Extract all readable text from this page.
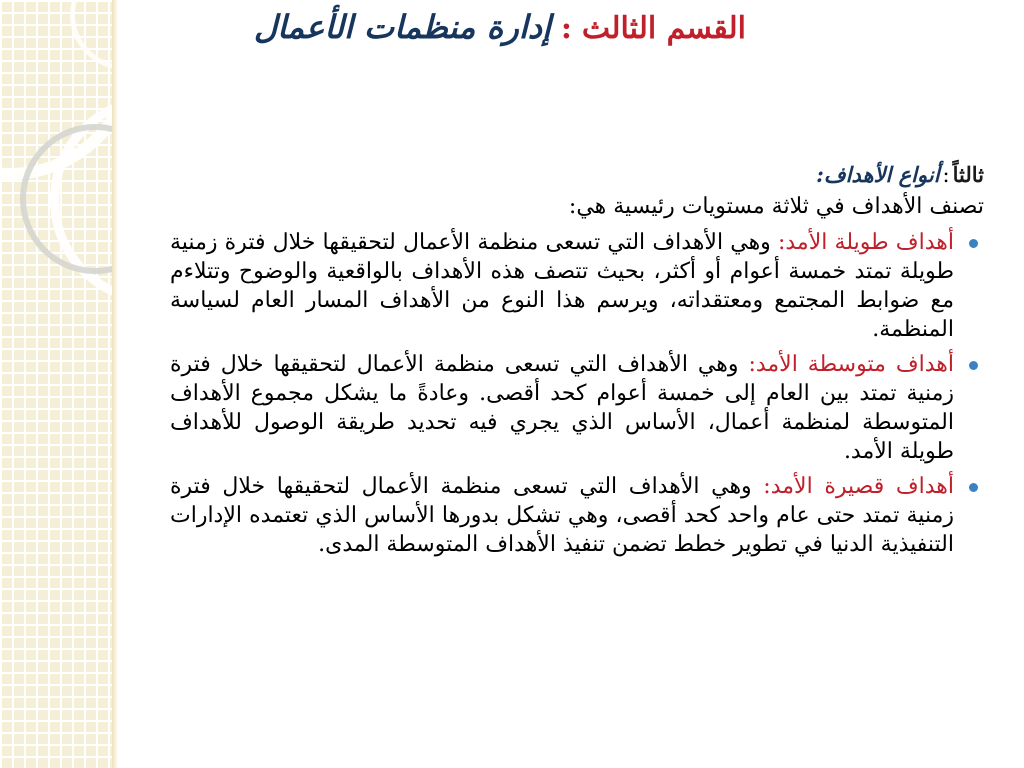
القسم الثالث:إدارة منظمات الأعمال

ثالثاً:أنواع الأهداف:

تصنف الأهداف في ثلاثة مستويات رئيسية هي:

أهداف طويلة الأمد: وهي الأهداف التي تسعى منظمة الأعمال لتحقيقها خلال فترة زمنية طويلة تمتد خمسة أعوام أو أكثر، بحيث تتصف هذه الأهداف بالواقعية والوضوح وتتلاءم مع ضوابط المجتمع ومعتقداته، ويرسم هذا النوع من الأهداف المسار العام لسياسة المنظمة.
أهداف متوسطة الأمد: وهي الأهداف التي تسعى منظمة الأعمال لتحقيقها خلال فترة زمنية تمتد بين العام إلى خمسة أعوام كحد أقصى. وعادةً ما يشكل مجموع الأهداف المتوسطة لمنظمة أعمال، الأساس الذي يجري فيه تحديد طريقة الوصول للأهداف طويلة الأمد.
أهداف قصيرة الأمد: وهي الأهداف التي تسعى منظمة الأعمال لتحقيقها خلال فترة زمنية تمتد حتى عام واحد كحد أقصى، وهي تشكل بدورها الأساس الذي تعتمده الإدارات التنفيذية الدنيا في تطوير خطط تضمن تنفيذ الأهداف المتوسطة المدى.
